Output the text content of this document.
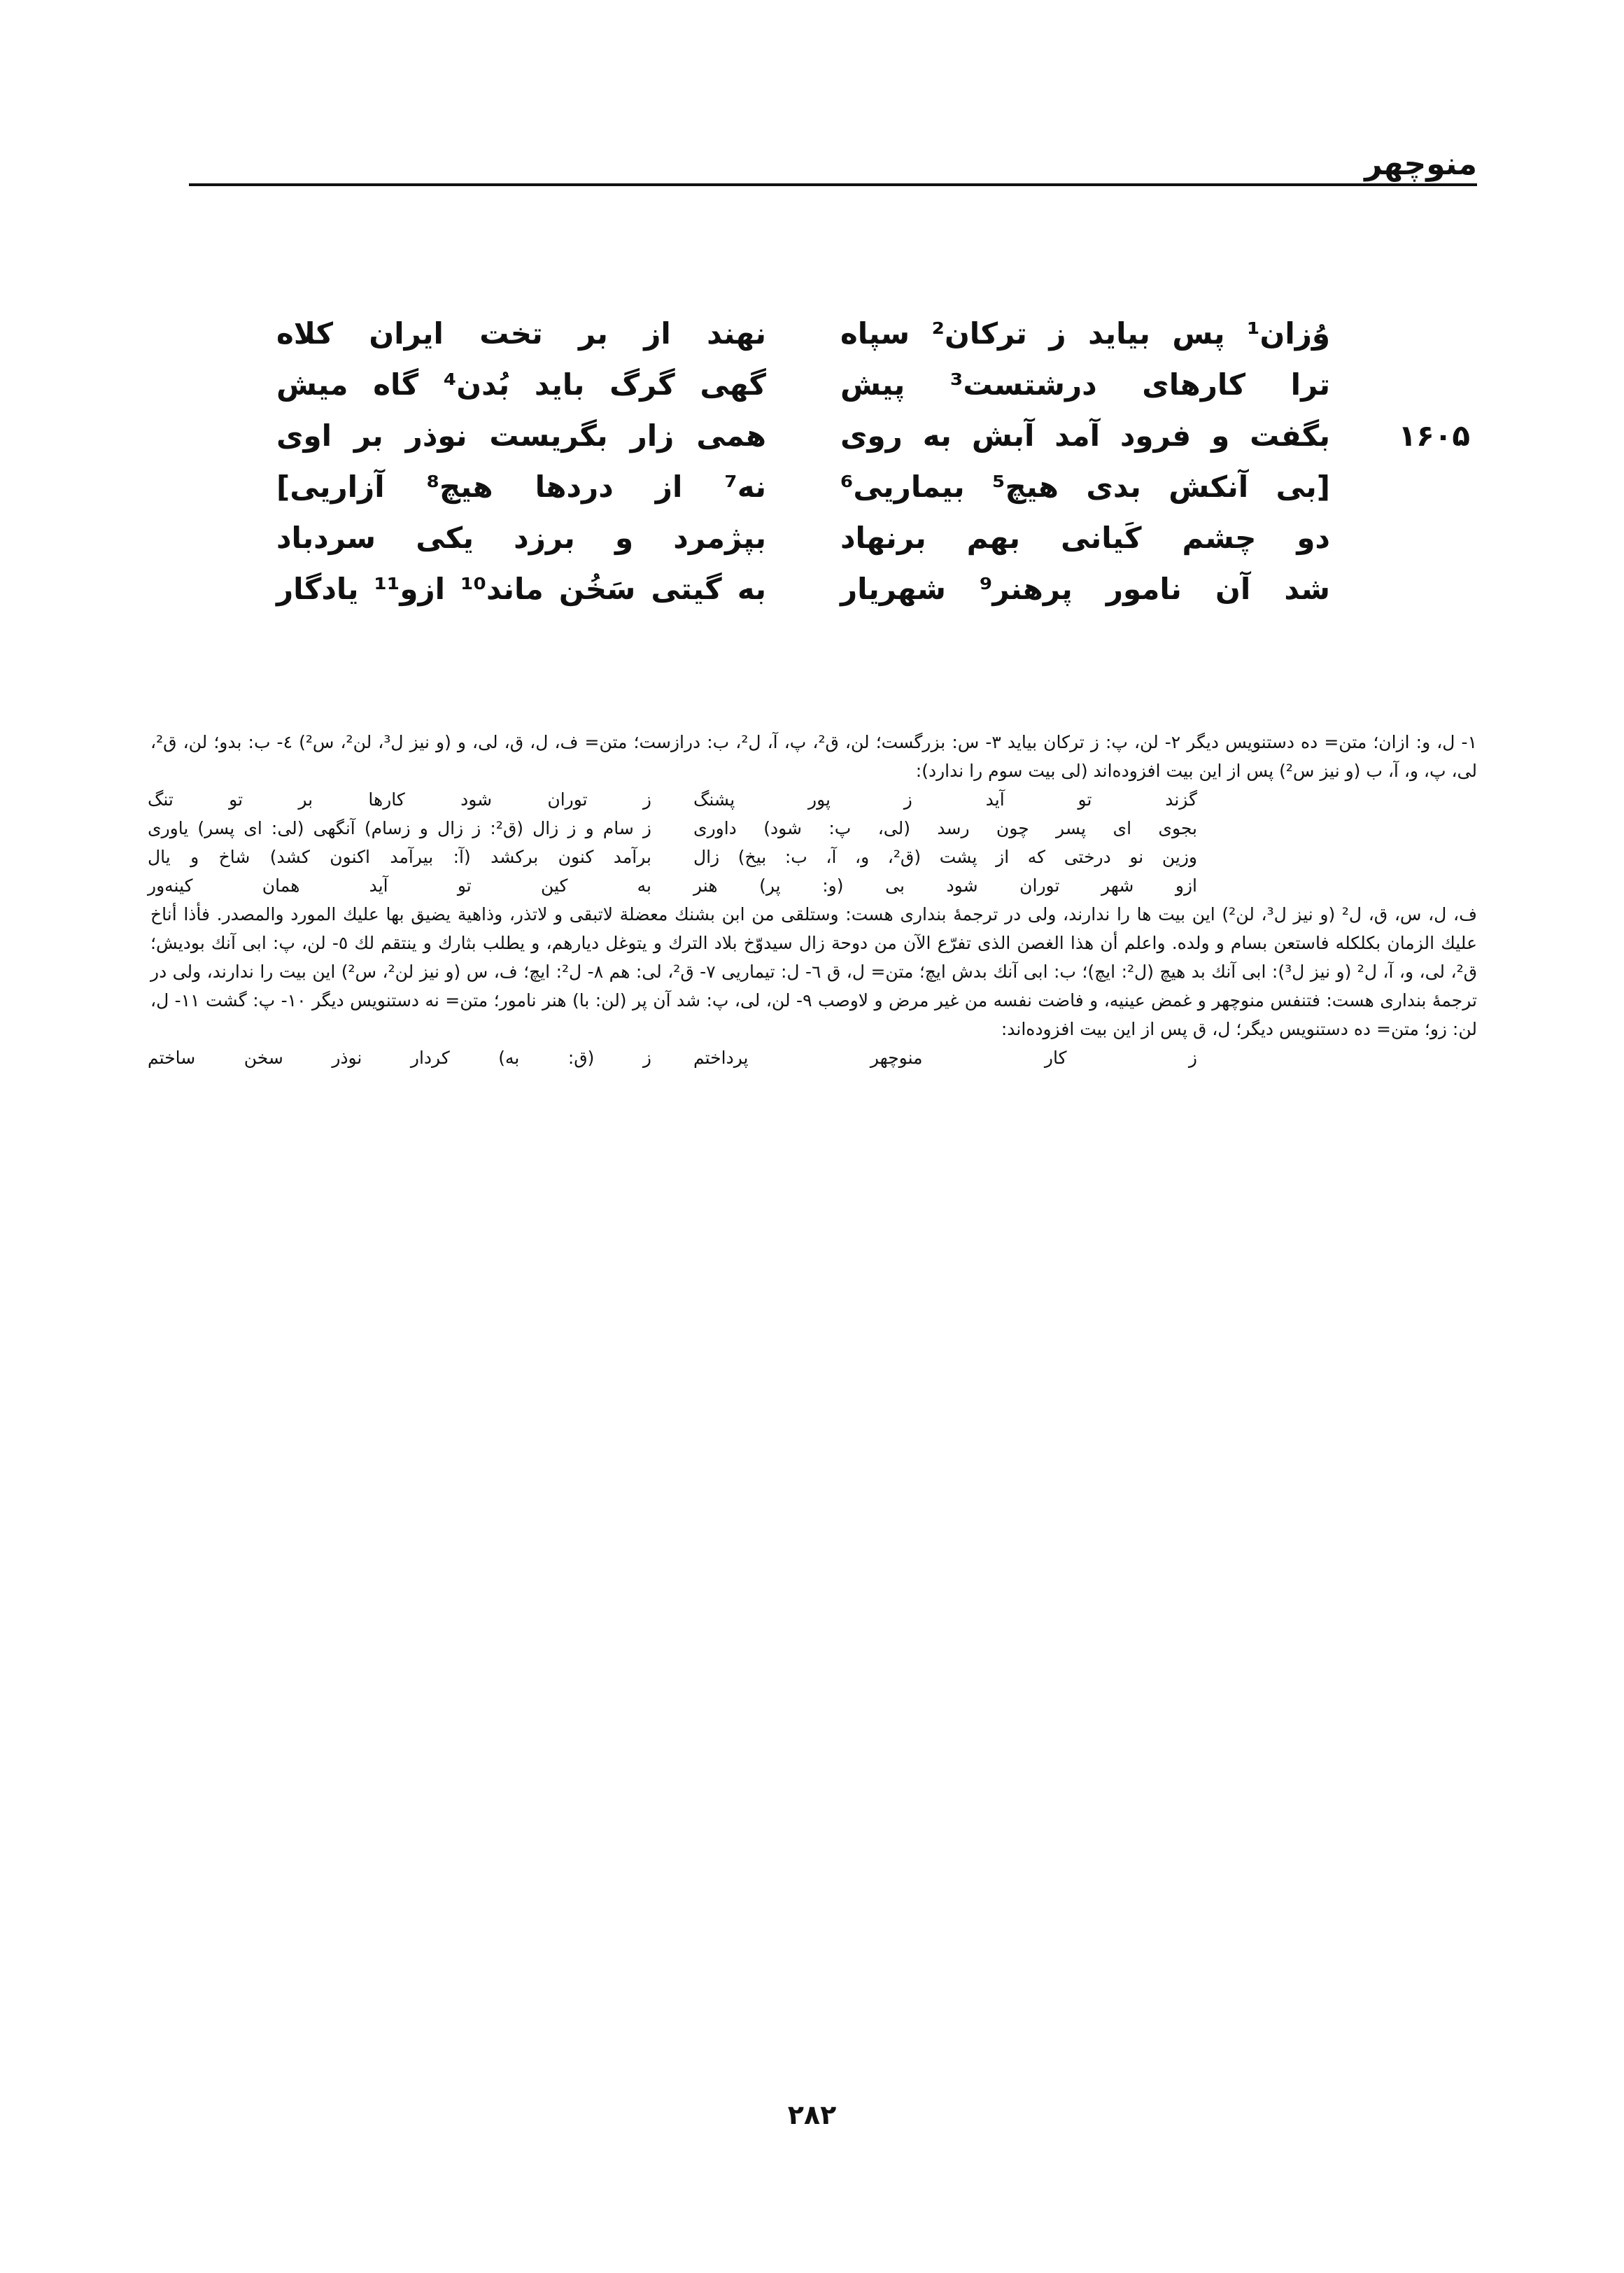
منوچهر
وُزان¹ پس بیاید ز ترکان² سپاه
نهند از بر تخت ایران کلاه
ترا کارهای درشتست³ پیش
گهی گرگ باید بُدن⁴ گاه میش
۱۶۰۵
بگفت و فرود آمد آبش به روی
همی زار بگریست نوذر بر اوی
[بی آنکش بدی هیچ⁵ بیماریی⁶
نه⁷ از دردها هیچ⁸ آزاریی]
دو چشم کَیانی بهم برنهاد
بپژمرد و برزد یکی سردباد
شد آن نامور پرهنر⁹ شهریار
به گیتی سَخُن ماند¹⁰ ازو¹¹ یادگار

۱- ل، و: ازان؛ متن= ده دستنویس دیگر ۲- لن، پ: ز ترکان بیاید ۳- س: بزرگست؛ لن، ق²، پ، آ، ل²، ب: درازست؛ متن= ف، ل، ق، لی، و (و نیز ل³، لن²، س²) ٤- ب: بدو؛ لن، ق²، لی، پ، و، آ، ب (و نیز س²) پس از این بیت افزوده‌اند (لی بیت سوم را ندارد):

گزند تو آید ز پور پشنگ
ز توران شود کارها بر تو تنگ
بجوی ای پسر چون رسد (لی، پ: شود) داوری
ز سام و ز زال (ق²: ز زال و زسام) آنگهی (لی: ای پسر) یاوری
وزین نو درختی که از پشت (ق²، و، آ، ب: بیخ) زال
برآمد کنون برکشد (آ: بیرآمد اکنون کشد) شاخ و یال
ازو شهر توران شود بی (و: پر) هنر
به کین تو آید همان کینه‌ور

ف، ل، س، ق، ل² (و نیز ل³، لن²) این بیت ها را ندارند، ولی در ترجمهٔ بنداری هست: وستلقى من ابن بشنك معضلة لاتبقى و لاتذر، وذاهية يضيق بها عليك المورد والمصدر. فأذا أناخ عليك الزمان بكلكله فاستعن بسام و ولده. واعلم أن هذا الغصن الذى تفرّع الآن من دوحة زال سيدوّخ بلاد الترك و يتوغل ديارهم، و يطلب بثارك و ينتقم لك ٥- لن، پ: ابى آنك بوديش؛ ق²، لی، و، آ، ل² (و نیز ل³): ابی آنك بد هیچ (ل²: ایچ)؛ ب: ابی آنك بدش ایچ؛ متن= ل، ق ٦- ل: تیماریی ٧- ق²، لی: هم ٨- ل²: ایچ؛ ف، س (و نیز لن²، س²) این بیت را ندارند، ولی در ترجمهٔ بنداری هست: فتنفس منوچهر و غمض عينيه، و فاضت نفسه من غير مرض و لاوصب ٩- لن، لی، پ: شد آن پر (لن: با) هنر نامور؛ متن= نه دستنویس دیگر ۱۰- پ: گشت ۱۱- ل، لن: زو؛ متن= ده دستنویس دیگر؛ ل، ق پس از این بیت افزوده‌اند:

ز کار منوچهر پرداختم
ز (ق: به) کردار نوذر سخن ساختم
۲۸۲
